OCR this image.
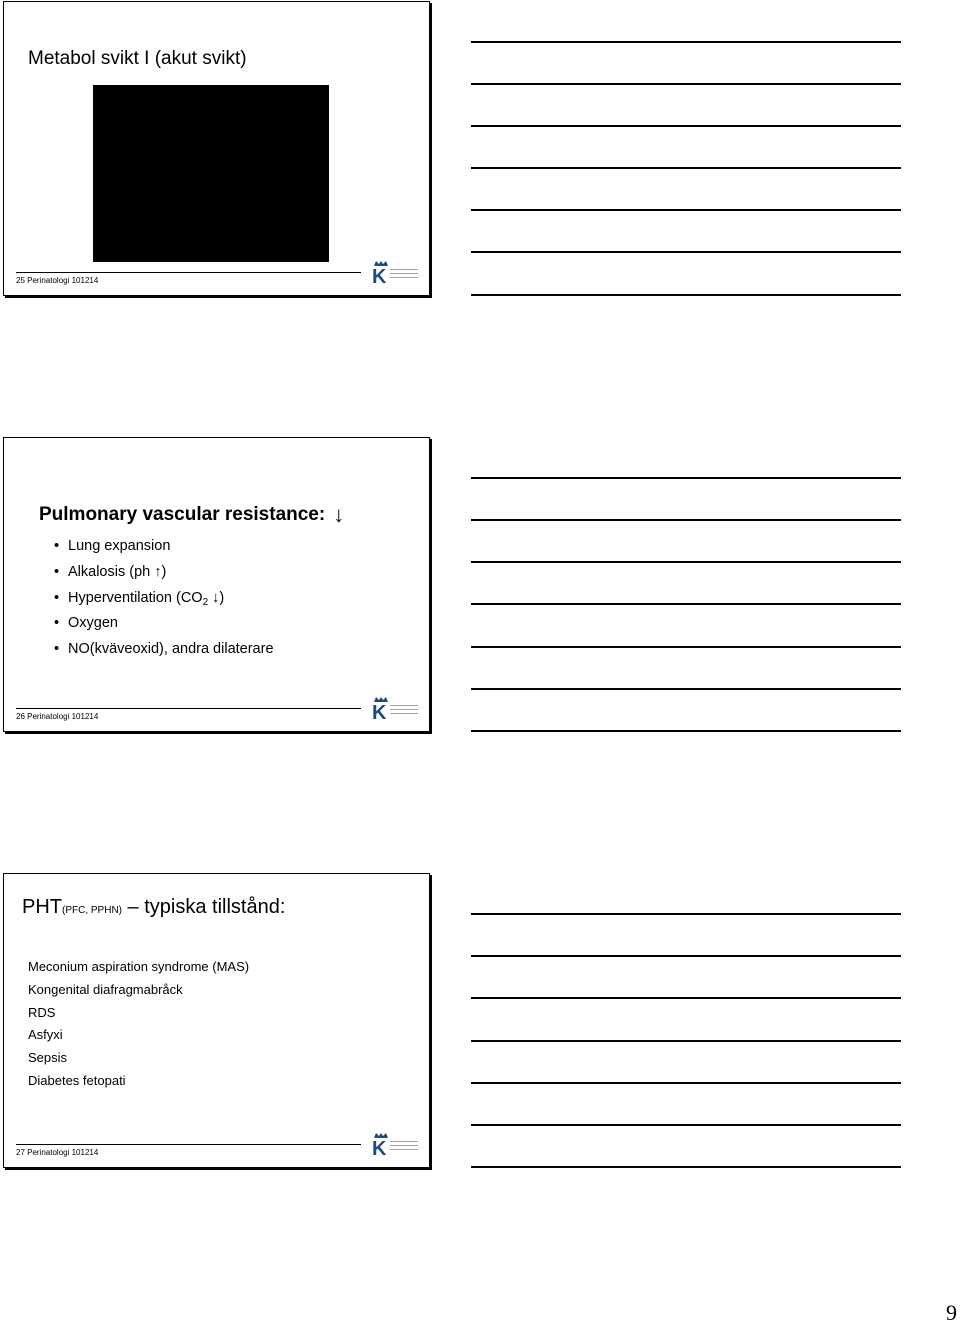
Metabol svikt I (akut svikt)
25 Perinatologi 101214	K
Pulmonary vascular resistance: ↓
• Lung expansion
• Alkalosis (ph ↑)
• Hyperventilation ($CO_2$ ↓)
• Oxygen
• NO(kväveoxid), andra dilaterare
26 Perinatologi 101214	K
PHT(PFC, PPHN) – typiska tillstånd:
Meconium aspiration syndrome (MAS)
Kongenital diafragmabråck
RDS
Asfyxi
Sepsis
Diabetes fetopati
27 Perinatologi 101214	K
9
